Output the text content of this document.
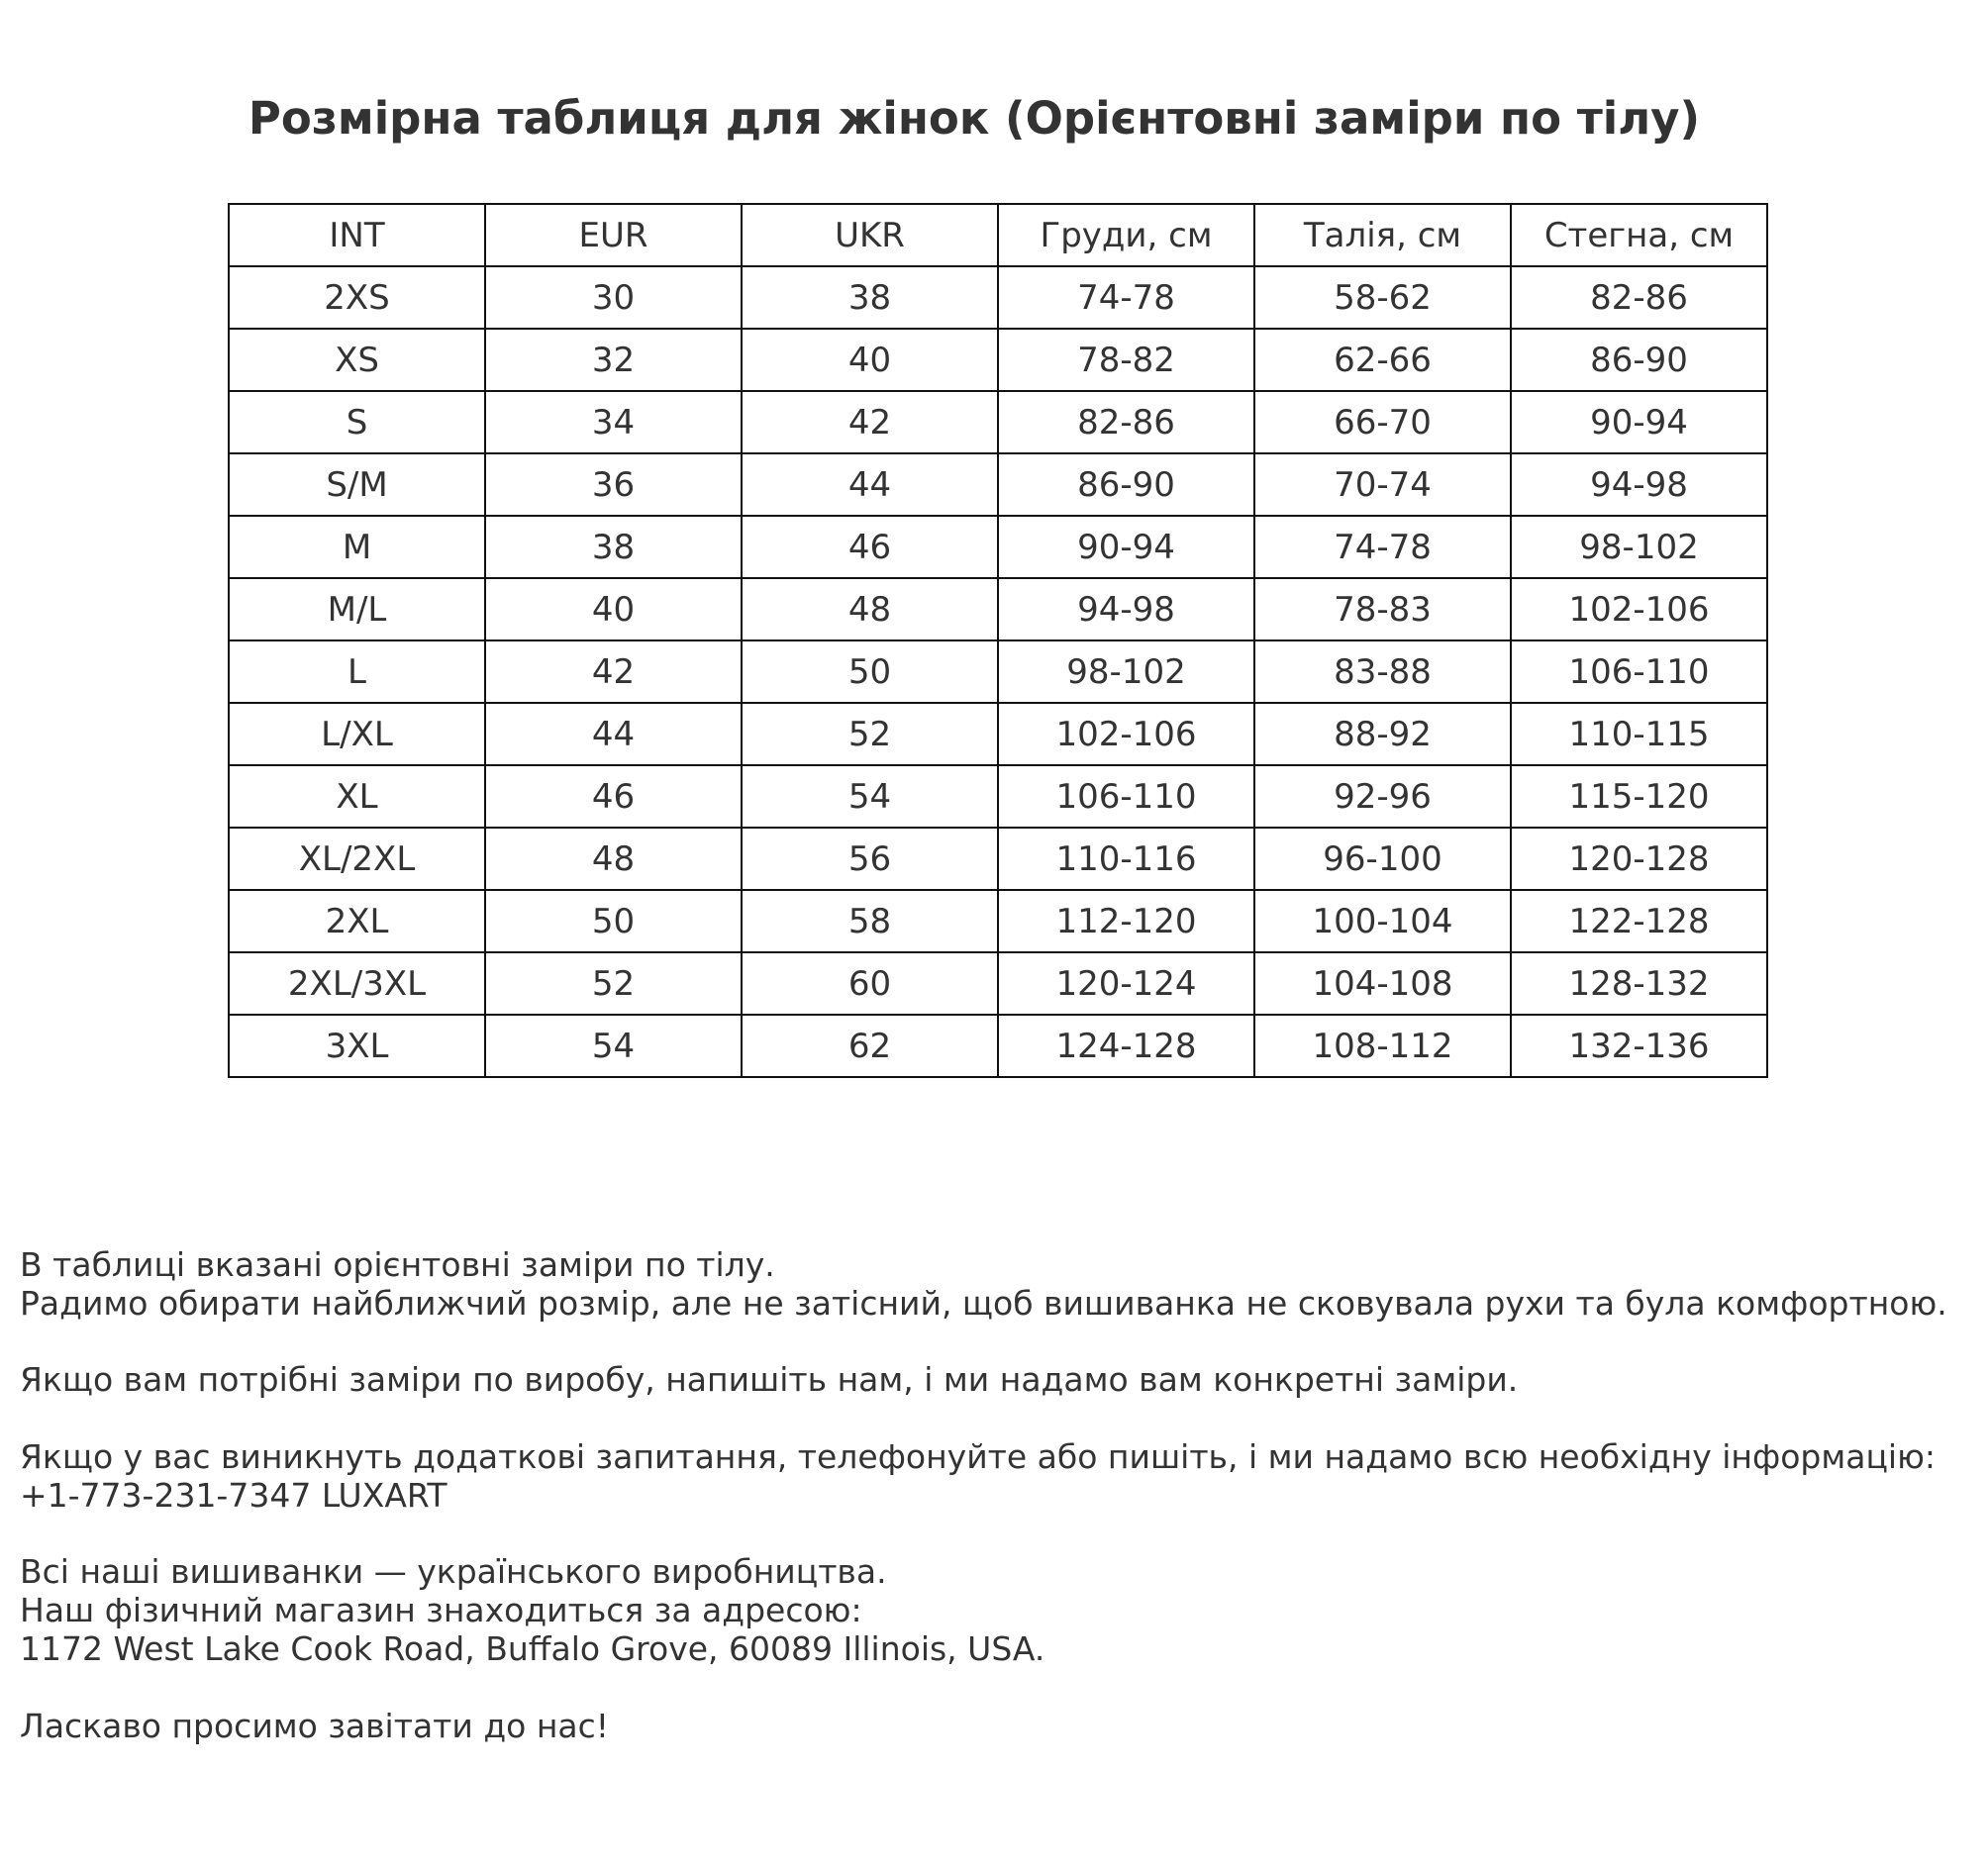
Розмірна таблиця для жінок (Орієнтовні заміри по тілу)
INT	EUR	UKR	Груди, см	Талія, см	Стегна, см
2XS	30	38	74-78	58-62	82-86
XS	32	40	78-82	62-66	86-90
S	34	42	82-86	66-70	90-94
S/M	36	44	86-90	70-74	94-98
M	38	46	90-94	74-78	98-102
M/L	40	48	94-98	78-83	102-106
L	42	50	98-102	83-88	106-110
L/XL	44	52	102-106	88-92	110-115
XL	46	54	106-110	92-96	115-120
XL/2XL	48	56	110-116	96-100	120-128
2XL	50	58	112-120	100-104	122-128
2XL/3XL	52	60	120-124	104-108	128-132
3XL	54	62	124-128	108-112	132-136
В таблиці вказані орієнтовні заміри по тілу.
Радимо обирати найближчий розмір, але не затісний, щоб вишиванка не сковувала рухи та була комфортною.
Якщо вам потрібні заміри по виробу, напишіть нам, і ми надамо вам конкретні заміри.
Якщо у вас виникнуть додаткові запитання, телефонуйте або пишіть, і ми надамо всю необхідну інформацію:
+1-773-231-7347 LUXART
Всі наші вишиванки — українського виробництва.
Наш фізичний магазин знаходиться за адресою:
1172 West Lake Cook Road, Buffalo Grove, 60089 Illinois, USA.
Ласкаво просимо завітати до нас!
